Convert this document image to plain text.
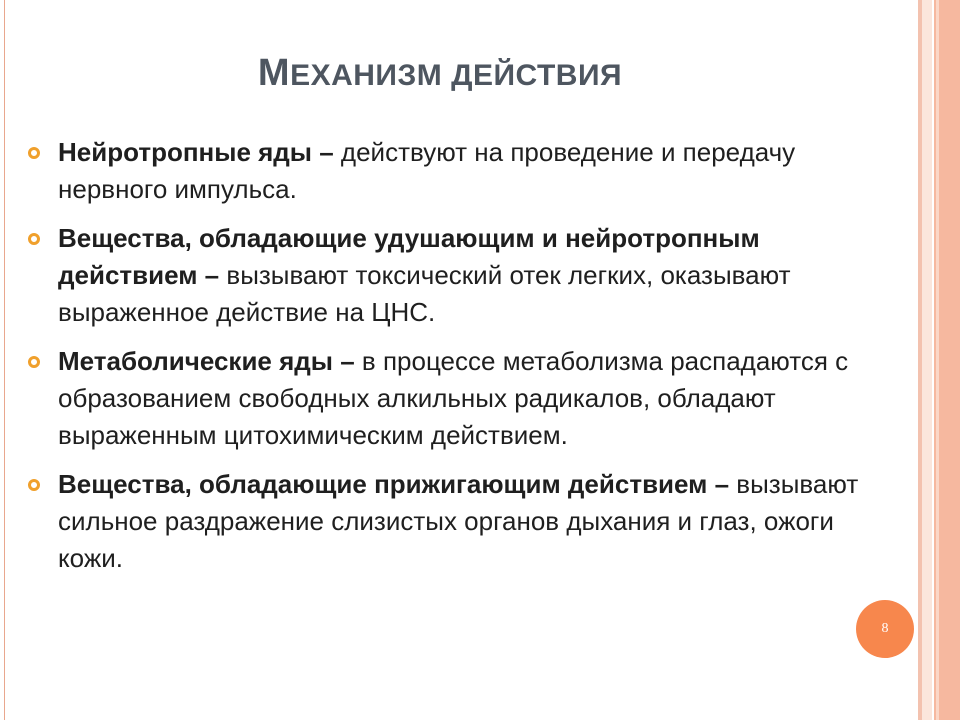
МЕХАНИЗМ ДЕЙСТВИЯ
Нейротропные яды – действуют на проведение и передачу нервного импульса.
Вещества, обладающие удушающим и нейротропным действием – вызывают токсический отек легких, оказывают выраженное действие на ЦНС.
Метаболические яды – в процессе метаболизма распадаются с образованием свободных алкильных радикалов, обладают выраженным цитохимическим действием.
Вещества, обладающие прижигающим действием – вызывают сильное раздражение слизистых органов дыхания и глаз, ожоги кожи.
8
